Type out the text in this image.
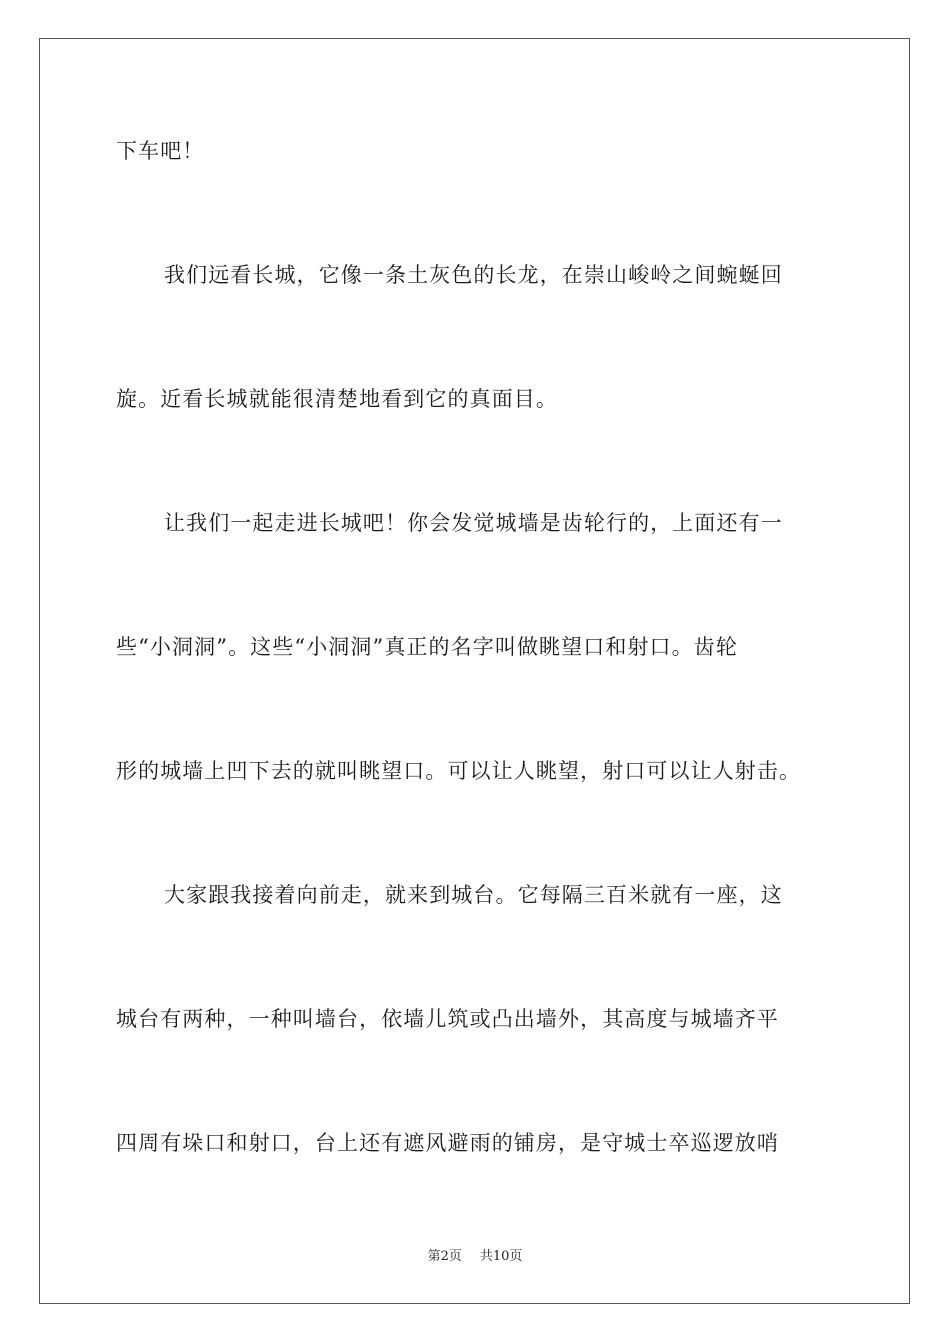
下车吧！
我们远看长城，它像一条土灰色的长龙，在崇山峻岭之间蜿蜒回
旋。近看长城就能很清楚地看到它的真面目。
让我们一起走进长城吧！你会发觉城墙是齿轮行的，上面还有一
些“小洞洞”。这些“小洞洞”真正的名字叫做眺望口和射口。齿轮
形的城墙上凹下去的就叫眺望口。可以让人眺望，射口可以让人射击。
大家跟我接着向前走，就来到城台。它每隔三百米就有一座，这
城台有两种，一种叫墙台，依墙儿筑或凸出墙外，其高度与城墙齐平
四周有垛口和射口，台上还有遮风避雨的铺房，是守城士卒巡逻放哨
第2页 共10页
